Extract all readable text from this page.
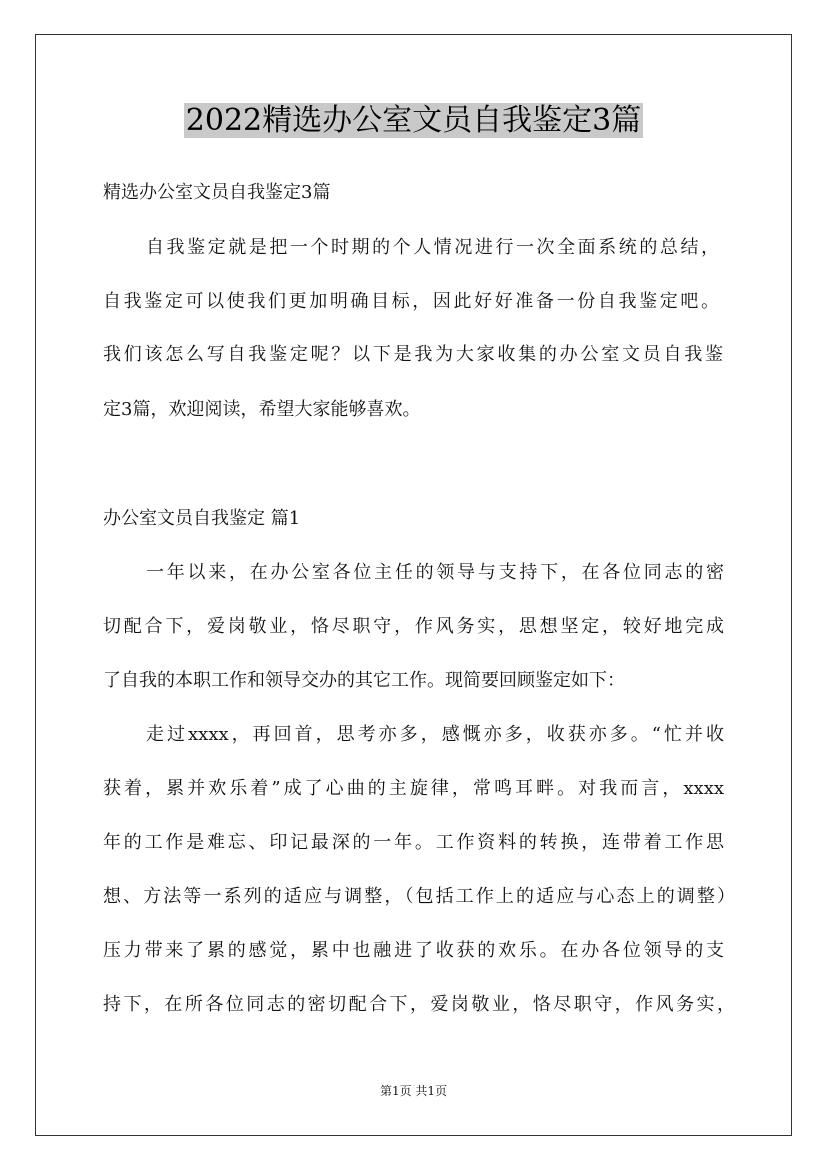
2022精选办公室文员自我鉴定3篇
精选办公室文员自我鉴定3篇
自我鉴定就是把一个时期的个人情况进行一次全面系统的总结，
自我鉴定可以使我们更加明确目标，因此好好准备一份自我鉴定吧。
我们该怎么写自我鉴定呢？以下是我为大家收集的办公室文员自我鉴
定3篇，欢迎阅读，希望大家能够喜欢。
办公室文员自我鉴定 篇1
一年以来，在办公室各位主任的领导与支持下，在各位同志的密
切配合下，爱岗敬业，恪尽职守，作风务实，思想坚定，较好地完成
了自我的本职工作和领导交办的其它工作。现简要回顾鉴定如下：
走过xxxx，再回首，思考亦多，感慨亦多，收获亦多。“忙并收
获着，累并欢乐着”成了心曲的主旋律，常鸣耳畔。对我而言，xxxx
年的工作是难忘、印记最深的一年。工作资料的转换，连带着工作思
想、方法等一系列的适应与调整，（包括工作上的适应与心态上的调整）
压力带来了累的感觉，累中也融进了收获的欢乐。在办各位领导的支
持下，在所各位同志的密切配合下，爱岗敬业，恪尽职守，作风务实，
第1页 共1页
